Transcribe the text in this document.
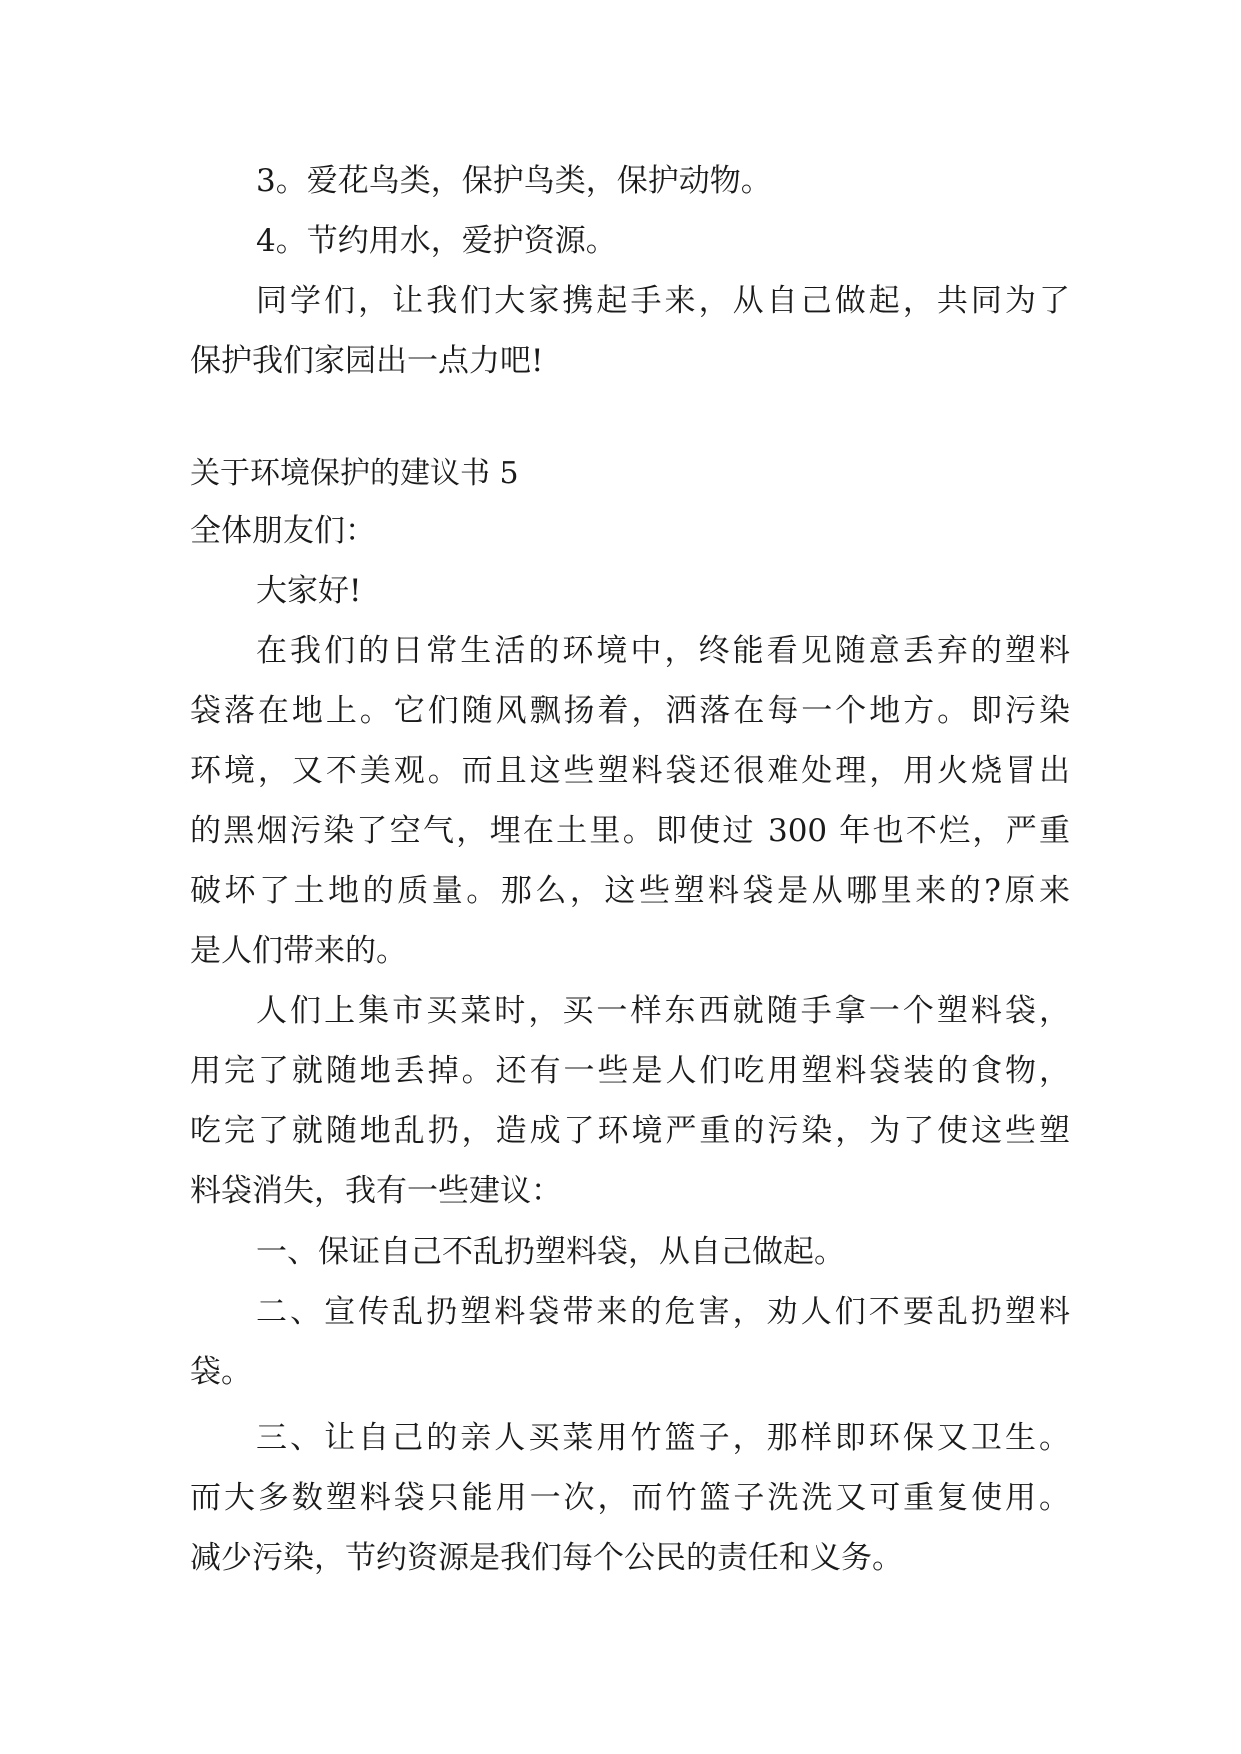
3。爱花鸟类，保护鸟类，保护动物。
4。节约用水，爱护资源。
同学们，让我们大家携起手来，从自己做起，共同为了
保护我们家园出一点力吧!
关于环境保护的建议书 5
全体朋友们：
大家好!
在我们的日常生活的环境中，终能看见随意丢弃的塑料
袋落在地上。它们随风飘扬着，洒落在每一个地方。即污染
环境，又不美观。而且这些塑料袋还很难处理，用火烧冒出
的黑烟污染了空气，埋在土里。即使过 300 年也不烂，严重
破坏了土地的质量。那么，这些塑料袋是从哪里来的?原来
是人们带来的。
人们上集市买菜时，买一样东西就随手拿一个塑料袋，
用完了就随地丢掉。还有一些是人们吃用塑料袋装的食物，
吃完了就随地乱扔，造成了环境严重的污染，为了使这些塑
料袋消失，我有一些建议：
一、保证自己不乱扔塑料袋，从自己做起。
二、宣传乱扔塑料袋带来的危害，劝人们不要乱扔塑料
袋。
三、让自己的亲人买菜用竹篮子，那样即环保又卫生。
而大多数塑料袋只能用一次，而竹篮子洗洗又可重复使用。
减少污染，节约资源是我们每个公民的责任和义务。
